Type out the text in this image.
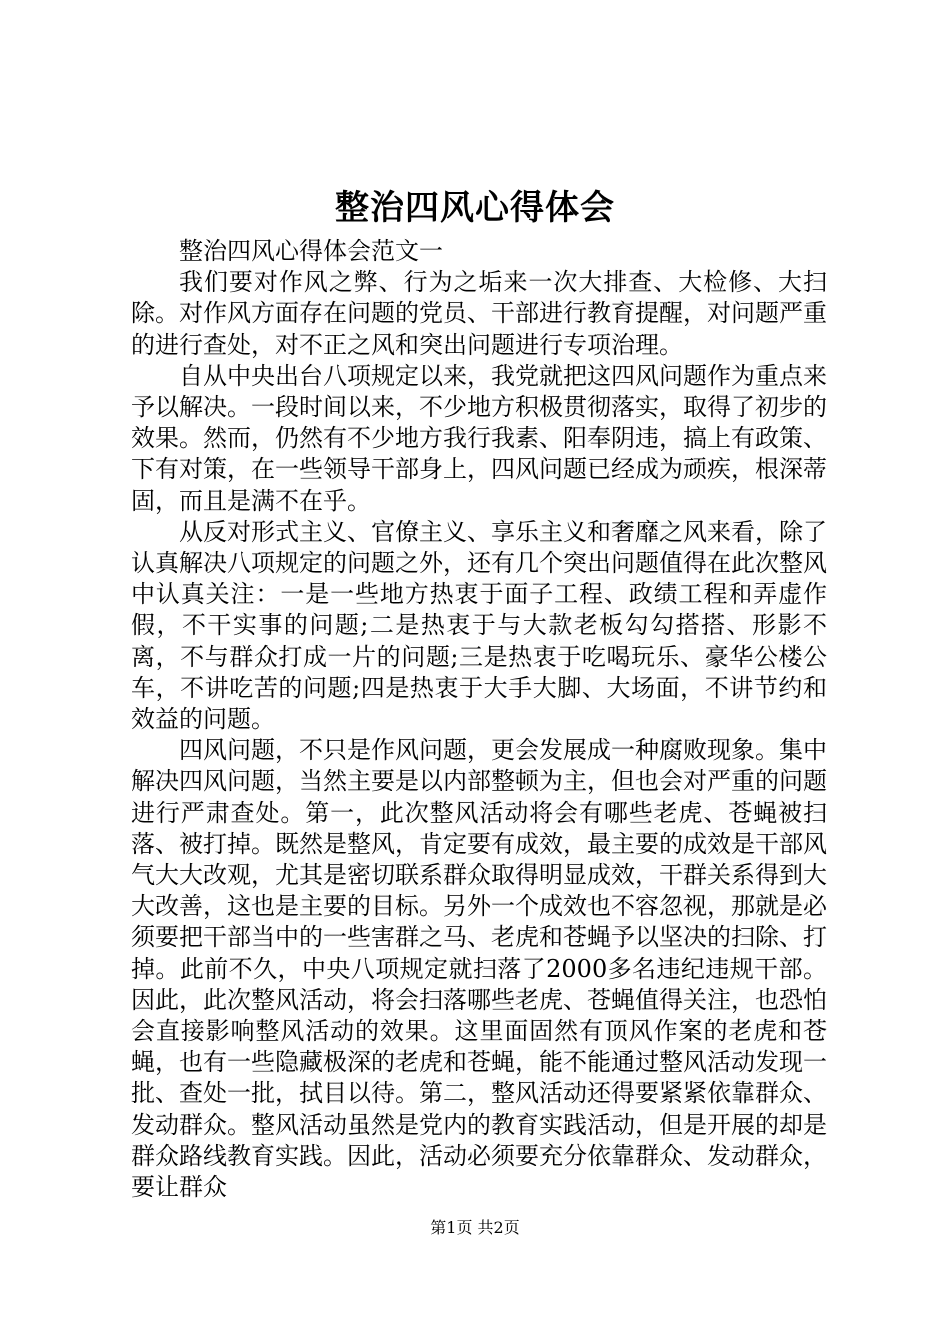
整治四风心得体会

整治四风心得体会范文一

我们要对作风之弊、行为之垢来一次大排查、大检修、大扫除。对作风方面存在问题的党员、干部进行教育提醒，对问题严重的进行查处，对不正之风和突出问题进行专项治理。

自从中央出台八项规定以来，我党就把这四风问题作为重点来予以解决。一段时间以来，不少地方积极贯彻落实，取得了初步的效果。然而，仍然有不少地方我行我素、阳奉阴违，搞上有政策、下有对策，在一些领导干部身上，四风问题已经成为顽疾，根深蒂固，而且是满不在乎。

从反对形式主义、官僚主义、享乐主义和奢靡之风来看，除了认真解决八项规定的问题之外，还有几个突出问题值得在此次整风中认真关注：一是一些地方热衷于面子工程、政绩工程和弄虚作假，不干实事的问题;二是热衷于与大款老板勾勾搭搭、形影不离，不与群众打成一片的问题;三是热衷于吃喝玩乐、豪华公楼公车，不讲吃苦的问题;四是热衷于大手大脚、大场面，不讲节约和效益的问题。

四风问题，不只是作风问题，更会发展成一种腐败现象。集中解决四风问题，当然主要是以内部整顿为主，但也会对严重的问题进行严肃查处。第一，此次整风活动将会有哪些老虎、苍蝇被扫落、被打掉。既然是整风，肯定要有成效，最主要的成效是干部风气大大改观，尤其是密切联系群众取得明显成效，干群关系得到大大改善，这也是主要的目标。另外一个成效也不容忽视，那就是必须要把干部当中的一些害群之马、老虎和苍蝇予以坚决的扫除、打掉。此前不久，中央八项规定就扫落了2000多名违纪违规干部。因此，此次整风活动，将会扫落哪些老虎、苍蝇值得关注，也恐怕会直接影响整风活动的效果。这里面固然有顶风作案的老虎和苍蝇，也有一些隐藏极深的老虎和苍蝇，能不能通过整风活动发现一批、查处一批，拭目以待。第二，整风活动还得要紧紧依靠群众、发动群众。整风活动虽然是党内的教育实践活动，但是开展的却是群众路线教育实践。因此，活动必须要充分依靠群众、发动群众，要让群众

第1页 共2页
